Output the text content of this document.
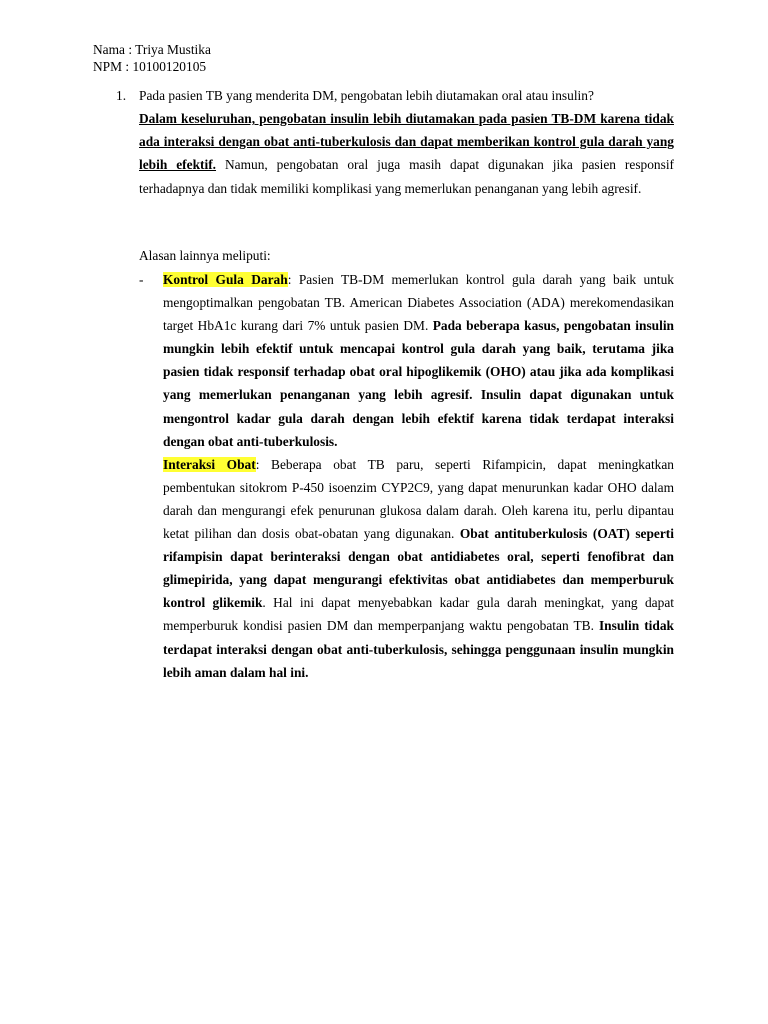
Nama : Triya Mustika
NPM : 10100120105
1. Pada pasien TB yang menderita DM, pengobatan lebih diutamakan oral atau insulin?
Dalam keseluruhan, pengobatan insulin lebih diutamakan pada pasien TB-DM karena tidak ada interaksi dengan obat anti-tuberkulosis dan dapat memberikan kontrol gula darah yang lebih efektif. Namun, pengobatan oral juga masih dapat digunakan jika pasien responsif terhadapnya dan tidak memiliki komplikasi yang memerlukan penanganan yang lebih agresif.
Alasan lainnya meliputi:
- Kontrol Gula Darah: Pasien TB-DM memerlukan kontrol gula darah yang baik untuk mengoptimalkan pengobatan TB. American Diabetes Association (ADA) merekomendasikan target HbA1c kurang dari 7% untuk pasien DM. Pada beberapa kasus, pengobatan insulin mungkin lebih efektif untuk mencapai kontrol gula darah yang baik, terutama jika pasien tidak responsif terhadap obat oral hipoglikemik (OHO) atau jika ada komplikasi yang memerlukan penanganan yang lebih agresif. Insulin dapat digunakan untuk mengontrol kadar gula darah dengan lebih efektif karena tidak terdapat interaksi dengan obat anti-tuberkulosis.

Interaksi Obat: Beberapa obat TB paru, seperti Rifampicin, dapat meningkatkan pembentukan sitokrom P-450 isoenzim CYP2C9, yang dapat menurunkan kadar OHO dalam darah dan mengurangi efek penurunan glukosa dalam darah. Oleh karena itu, perlu dipantau ketat pilihan dan dosis obat-obatan yang digunakan. Obat antituberkulosis (OAT) seperti rifampisin dapat berinteraksi dengan obat antidiabetes oral, seperti fenofibrat dan glimepirida, yang dapat mengurangi efektivitas obat antidiabetes dan memperburuk kontrol glikemik. Hal ini dapat menyebabkan kadar gula darah meningkat, yang dapat memperburuk kondisi pasien DM dan memperpanjang waktu pengobatan TB. Insulin tidak terdapat interaksi dengan obat anti-tuberkulosis, sehingga penggunaan insulin mungkin lebih aman dalam hal ini.
